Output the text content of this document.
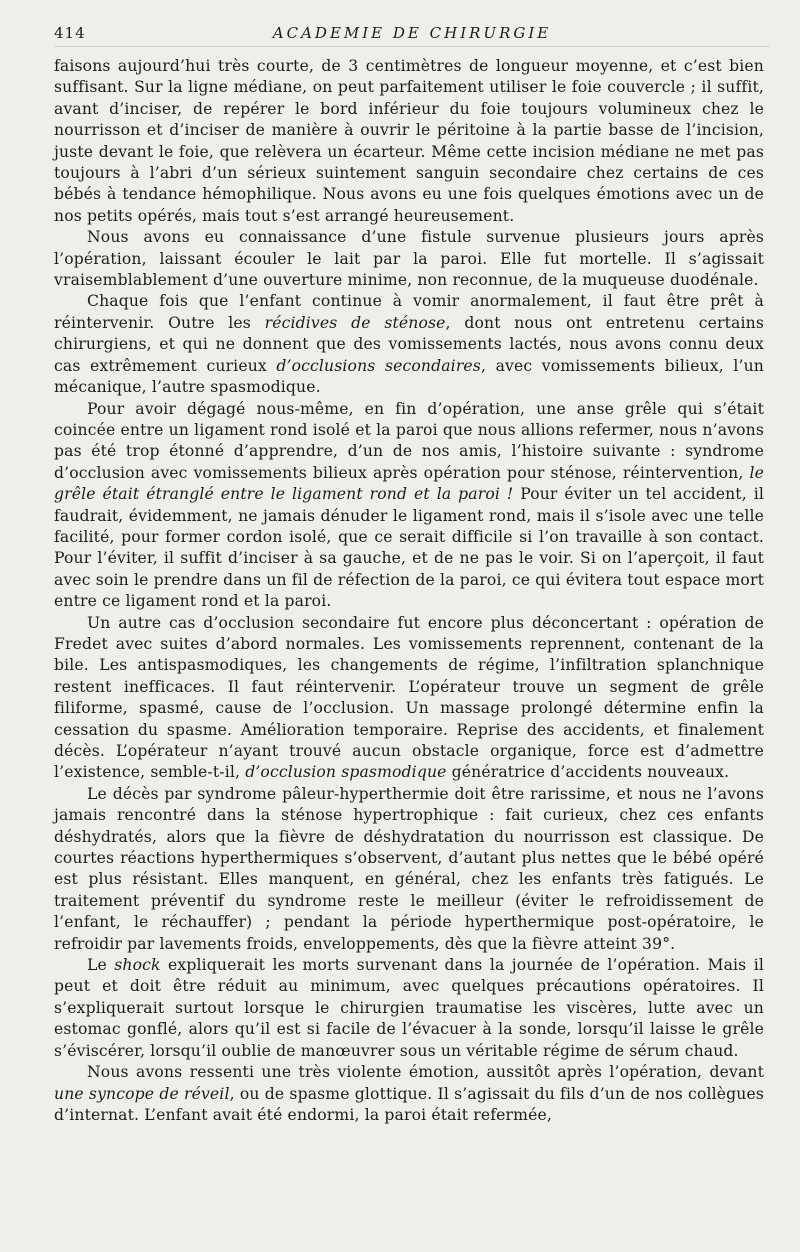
414	ACADEMIE DE CHIRURGIE

faisons aujourd’hui très courte, de 3 centimètres de longueur moyenne, et c’est bien suffisant. Sur la ligne médiane, on peut parfaitement utiliser le foie couvercle ; il suffit, avant d’inciser, de repérer le bord inférieur du foie toujours volumineux chez le nourrisson et d’inciser de manière à ouvrir le péritoine à la partie basse de l’incision, juste devant le foie, que relèvera un écarteur. Même cette incision médiane ne met pas toujours à l’abri d’un sérieux suintement sanguin secondaire chez certains de ces bébés à tendance hémophilique. Nous avons eu une fois quelques émotions avec un de nos petits opérés, mais tout s’est arrangé heureusement.

Nous avons eu connaissance d’une fistule survenue plusieurs jours après l’opération, laissant écouler le lait par la paroi. Elle fut mortelle. Il s’agissait vraisemblablement d’une ouverture minime, non reconnue, de la muqueuse duodénale.

Chaque fois que l’enfant continue à vomir anormalement, il faut être prêt à réintervenir. Outre les récidives de sténose, dont nous ont entretenu certains chirurgiens, et qui ne donnent que des vomissements lactés, nous avons connu deux cas extrêmement curieux d’occlusions secondaires, avec vomissements bilieux, l’un mécanique, l’autre spasmodique.

Pour avoir dégagé nous-même, en fin d’opération, une anse grêle qui s’était coincée entre un ligament rond isolé et la paroi que nous allions refermer, nous n’avons pas été trop étonné d’apprendre, d’un de nos amis, l’histoire suivante : syndrome d’occlusion avec vomissements bilieux après opération pour sténose, réintervention, le grêle était étranglé entre le ligament rond et la paroi ! Pour éviter un tel accident, il faudrait, évidemment, ne jamais dénuder le ligament rond, mais il s’isole avec une telle facilité, pour former cordon isolé, que ce serait difficile si l’on travaille à son contact. Pour l’éviter, il suffit d’inciser à sa gauche, et de ne pas le voir. Si on l’aperçoit, il faut avec soin le prendre dans un fil de réfection de la paroi, ce qui évitera tout espace mort entre ce ligament rond et la paroi.

Un autre cas d’occlusion secondaire fut encore plus déconcertant : opération de Fredet avec suites d’abord normales. Les vomissements reprennent, contenant de la bile. Les antispasmodiques, les changements de régime, l’infiltration splanchnique restent inefficaces. Il faut réintervenir. L’opérateur trouve un segment de grêle filiforme, spasmé, cause de l’occlusion. Un massage prolongé détermine enfin la cessation du spasme. Amélioration temporaire. Reprise des accidents, et finalement décès. L’opérateur n’ayant trouvé aucun obstacle organique, force est d’admettre l’existence, semble-t-il, d’occlusion spasmodique génératrice d’accidents nouveaux.

Le décès par syndrome pâleur-hyperthermie doit être rarissime, et nous ne l’avons jamais rencontré dans la sténose hypertrophique : fait curieux, chez ces enfants déshydratés, alors que la fièvre de déshydratation du nourrisson est classique. De courtes réactions hyperthermiques s’observent, d’autant plus nettes que le bébé opéré est plus résistant. Elles manquent, en général, chez les enfants très fatigués. Le traitement préventif du syndrome reste le meilleur (éviter le refroidissement de l’enfant, le réchauffer) ; pendant la période hyperthermique post-opératoire, le refroidir par lavements froids, enveloppements, dès que la fièvre atteint 39°.

Le shock expliquerait les morts survenant dans la journée de l’opération. Mais il peut et doit être réduit au minimum, avec quelques précautions opératoires. Il s’expliquerait surtout lorsque le chirurgien traumatise les viscères, lutte avec un estomac gonflé, alors qu’il est si facile de l’évacuer à la sonde, lorsqu’il laisse le grêle s’éviscérer, lorsqu’il oublie de manœuvrer sous un véritable régime de sérum chaud.

Nous avons ressenti une très violente émotion, aussitôt après l’opération, devant une syncope de réveil, ou de spasme glottique. Il s’agissait du fils d’un de nos collègues d’internat. L’enfant avait été endormi, la paroi était refermée,
